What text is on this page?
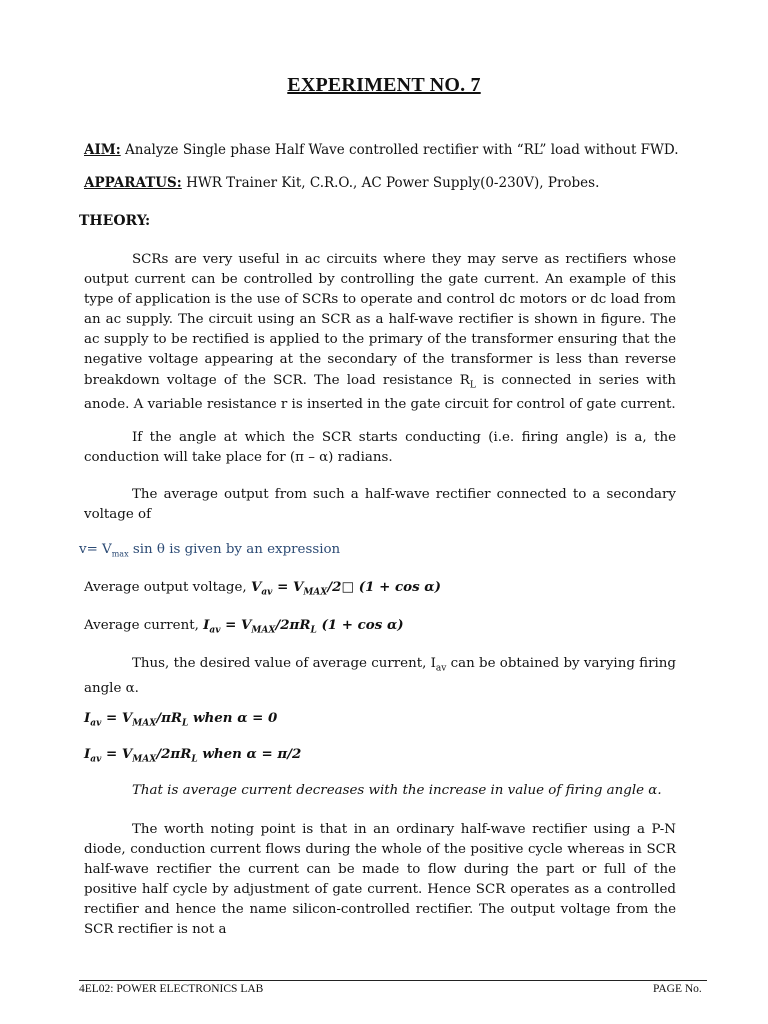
EXPERIMENT NO. 7
AIM: Analyze Single phase Half Wave controlled rectifier with “RL” load without FWD.
APPARATUS: HWR Trainer Kit, C.R.O., AC Power Supply(0-230V), Probes.
THEORY:
SCRs are very useful in ac circuits where they may serve as rectifiers whose output current can be controlled by controlling the gate current. An example of this type of application is the use of SCRs to operate and control dc motors or dc load from an ac supply. The circuit using an SCR as a half-wave rectifier is shown in figure. The ac supply to be rectified is applied to the primary of the transformer ensuring that the negative voltage appearing at the secondary of the transformer is less than reverse breakdown voltage of the SCR. The load resistance $R_L$ is connected in series with anode. A variable resistance r is inserted in the gate circuit for control of gate current.
If the angle at which the SCR starts conducting (i.e. firing angle) is a, the conduction will take place for (π – α) radians.
The average output from such a half-wave rectifier connected to a secondary voltage of
$v= V_{max}$ sin θ is given by an expression
Average output voltage, $V_{av}$ = $V_{MAX}/2□$ (1 + cos α)
Average current, $I_{av} = V_{MAX}/2\pi R_L$ (1 + cos α)
Thus, the desired value of average current, $I_{av}$ can be obtained by varying firing angle α.
$I_{av} = V_{MAX}/\pi R_L$ when α = 0
$I_{av} = V_{MAX}/2\pi R_L$ when α = π/2
That is average current decreases with the increase in value of firing angle α.
The worth noting point is that in an ordinary half-wave rectifier using a P-N diode, conduction current flows during the whole of the positive cycle whereas in SCR half-wave rectifier the current can be made to flow during the part or full of the positive half cycle by adjustment of gate current. Hence SCR operates as a controlled rectifier and hence the name silicon-controlled rectifier. The output voltage from the SCR rectifier is not a
4EL02: POWER ELECTRONICS LAB	PAGE No.
